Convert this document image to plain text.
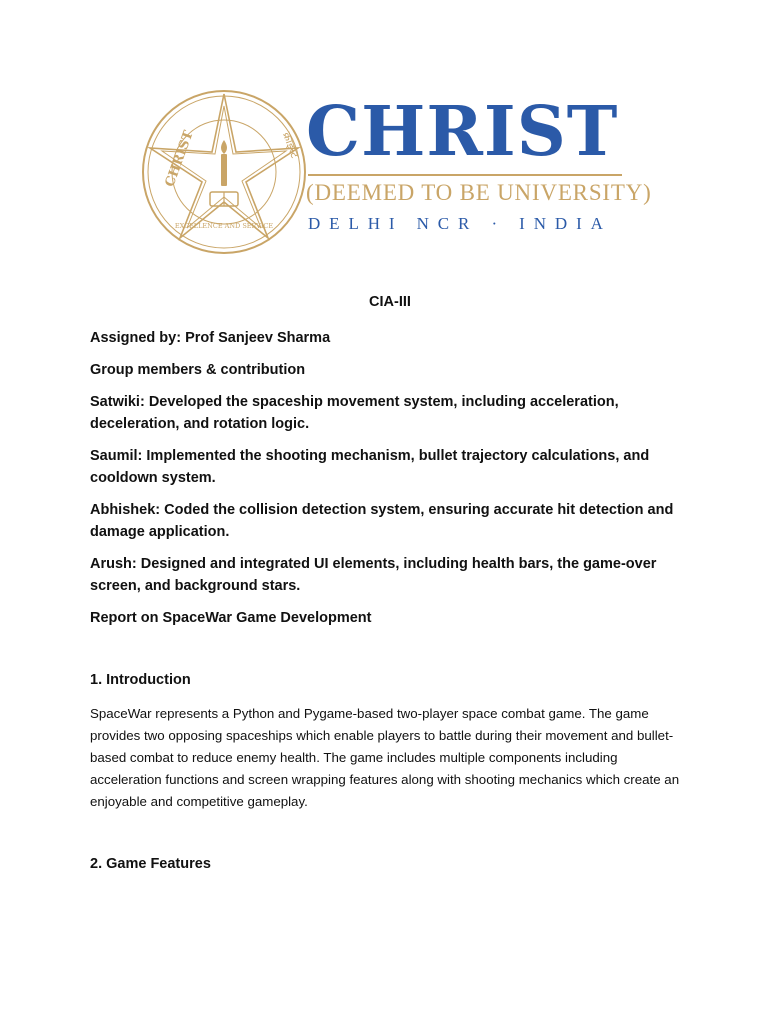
CHRIST	क्राइस्ट
EXCELLENCE AND SERVICE
CHRIST
(DEEMED TO BE UNIVERSITY)
DELHI NCR · INDIA

CIA-III

Assigned by: Prof Sanjeev Sharma

Group members & contribution

Satwiki: Developed the spaceship movement system, including acceleration, deceleration, and rotation logic.

Saumil: Implemented the shooting mechanism, bullet trajectory calculations, and cooldown system.

Abhishek: Coded the collision detection system, ensuring accurate hit detection and damage application.

Arush: Designed and integrated UI elements, including health bars, the game-over screen, and background stars.

Report on SpaceWar Game Development

1. Introduction

SpaceWar represents a Python and Pygame-based two-player space combat game. The game provides two opposing spaceships which enable players to battle during their movement and bullet-based combat to reduce enemy health. The game includes multiple components including acceleration functions and screen wrapping features along with shooting mechanics which create an enjoyable and competitive gameplay.

2. Game Features
